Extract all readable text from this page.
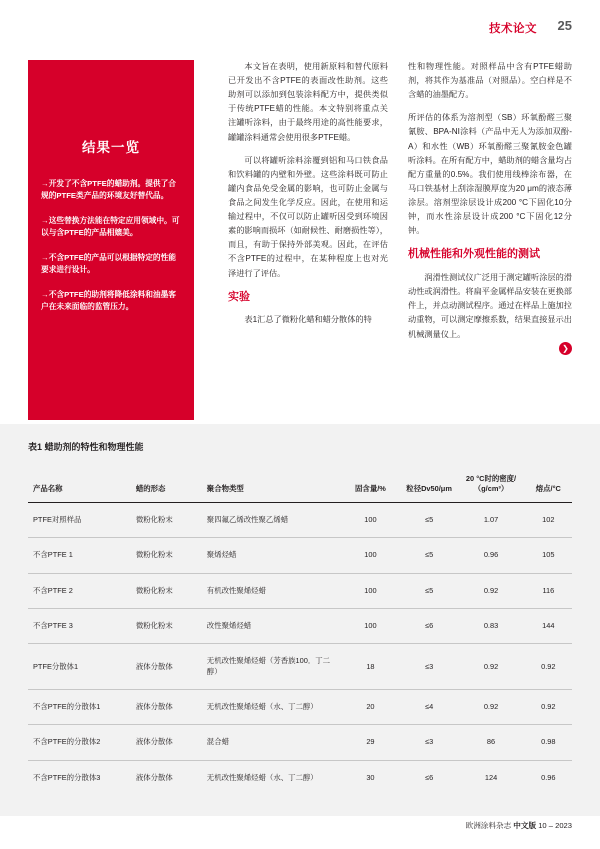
技术论文 25
结果一览

→开发了不含PTFE的蜡助剂。提供了合规的PTFE类产品的环境友好替代品。

→这些替换方法能在特定应用领域中。可以与含PTFE的产品相媲美。

→不含PTFE的产品可以根据特定的性能要求进行设计。

→不含PTFE的助剂将降低涂料和油墨客户在未来面临的监管压力。

本文旨在表明，使用新原料和替代原料已开发出不含PTFE的表面改性助剂。这些助剂可以添加到包装涂料配方中，提供类似于传统PTFE蜡的性能。本文特别将重点关注罐听涂料，由于最终用途的高性能要求，罐罐涂料通常会使用很多PTFE蜡。

可以将罐听涂料涂覆到铝和马口铁食品和饮料罐的内壁和外壁。这些涂料既可防止罐内食品免受金属的影响，也可防止金属与食品之间发生化学反应。因此，在使用和运输过程中，不仅可以防止罐听因受到环境因素的影响而损坏（如耐候性、耐磨损性等），而且，有助于保持外部美观。因此，在评估不含PTFE的过程中，在某种程度上也对光泽进行了评估。

实验

表1汇总了微粉化蜡和蜡分散体的特

性和物理性能。对照样品中含有PTFE蜡助剂，将其作为基准品（对照品）。空白样是不含蜡的油墨配方。

所评估的体系为溶剂型（SB）环氧酚醛三聚氰胺、BPA-NI涂料（产品中无人为添加双酚-A）和水性（WB）环氧酚醛三聚氰胺金色罐听涂料。在所有配方中，蜡助剂的蜡含量均占配方重量的0.5%。我们使用线棒涂布器，在马口铁基材上刮涂湿膜厚度为20 μm的液态薄涂层。溶剂型涂层设计成200 °C下固化10分钟，而水性涂层设计成200 °C下固化12分钟。

机械性能和外观性能的测试

润滑性测试仪广泛用于测定罐听涂层的滑动性或润滑性。将扁平金属样品安装在更换部件上，并点动测试程序。通过在样品上施加拉动重物，可以测定摩擦系数，结果直接显示出机械测量仪上。

❯
表1 蜡助剂的特性和物理性能
产品名称	蜡的形态	聚合物类型	固含量/%	粒径Dv50/μm	20 °C时的密度/（g/cm³）	熔点/°C
PTFE对照样品	微粉化粉末	聚四氟乙烯改性聚乙烯蜡	100	≤5	1.07	102
不含PTFE 1	微粉化粉末	聚烯烃蜡	100	≤5	0.96	105
不含PTFE 2	微粉化粉末	有机改性聚烯烃蜡	100	≤5	0.92	116
不含PTFE 3	微粉化粉末	改性聚烯烃蜡	100	≤6	0.83	144
PTFE分散体1	液体分散体	无机改性聚烯烃蜡（芳香族100．丁二醇）	18	≤3	0.92	0.92
不含PTFE的分散体1	液体分散体	无机改性聚烯烃蜡（水、丁二醇）	20	≤4	0.92	0.92
不含PTFE的分散体2	液体分散体	混合蜡	29	≤3	86	0.98
不含PTFE的分散体3	液体分散体	无机改性聚烯烃蜡（水、丁二醇）	30	≤6	124	0.96
欧洲涂料杂志 中文版 10 – 2023
